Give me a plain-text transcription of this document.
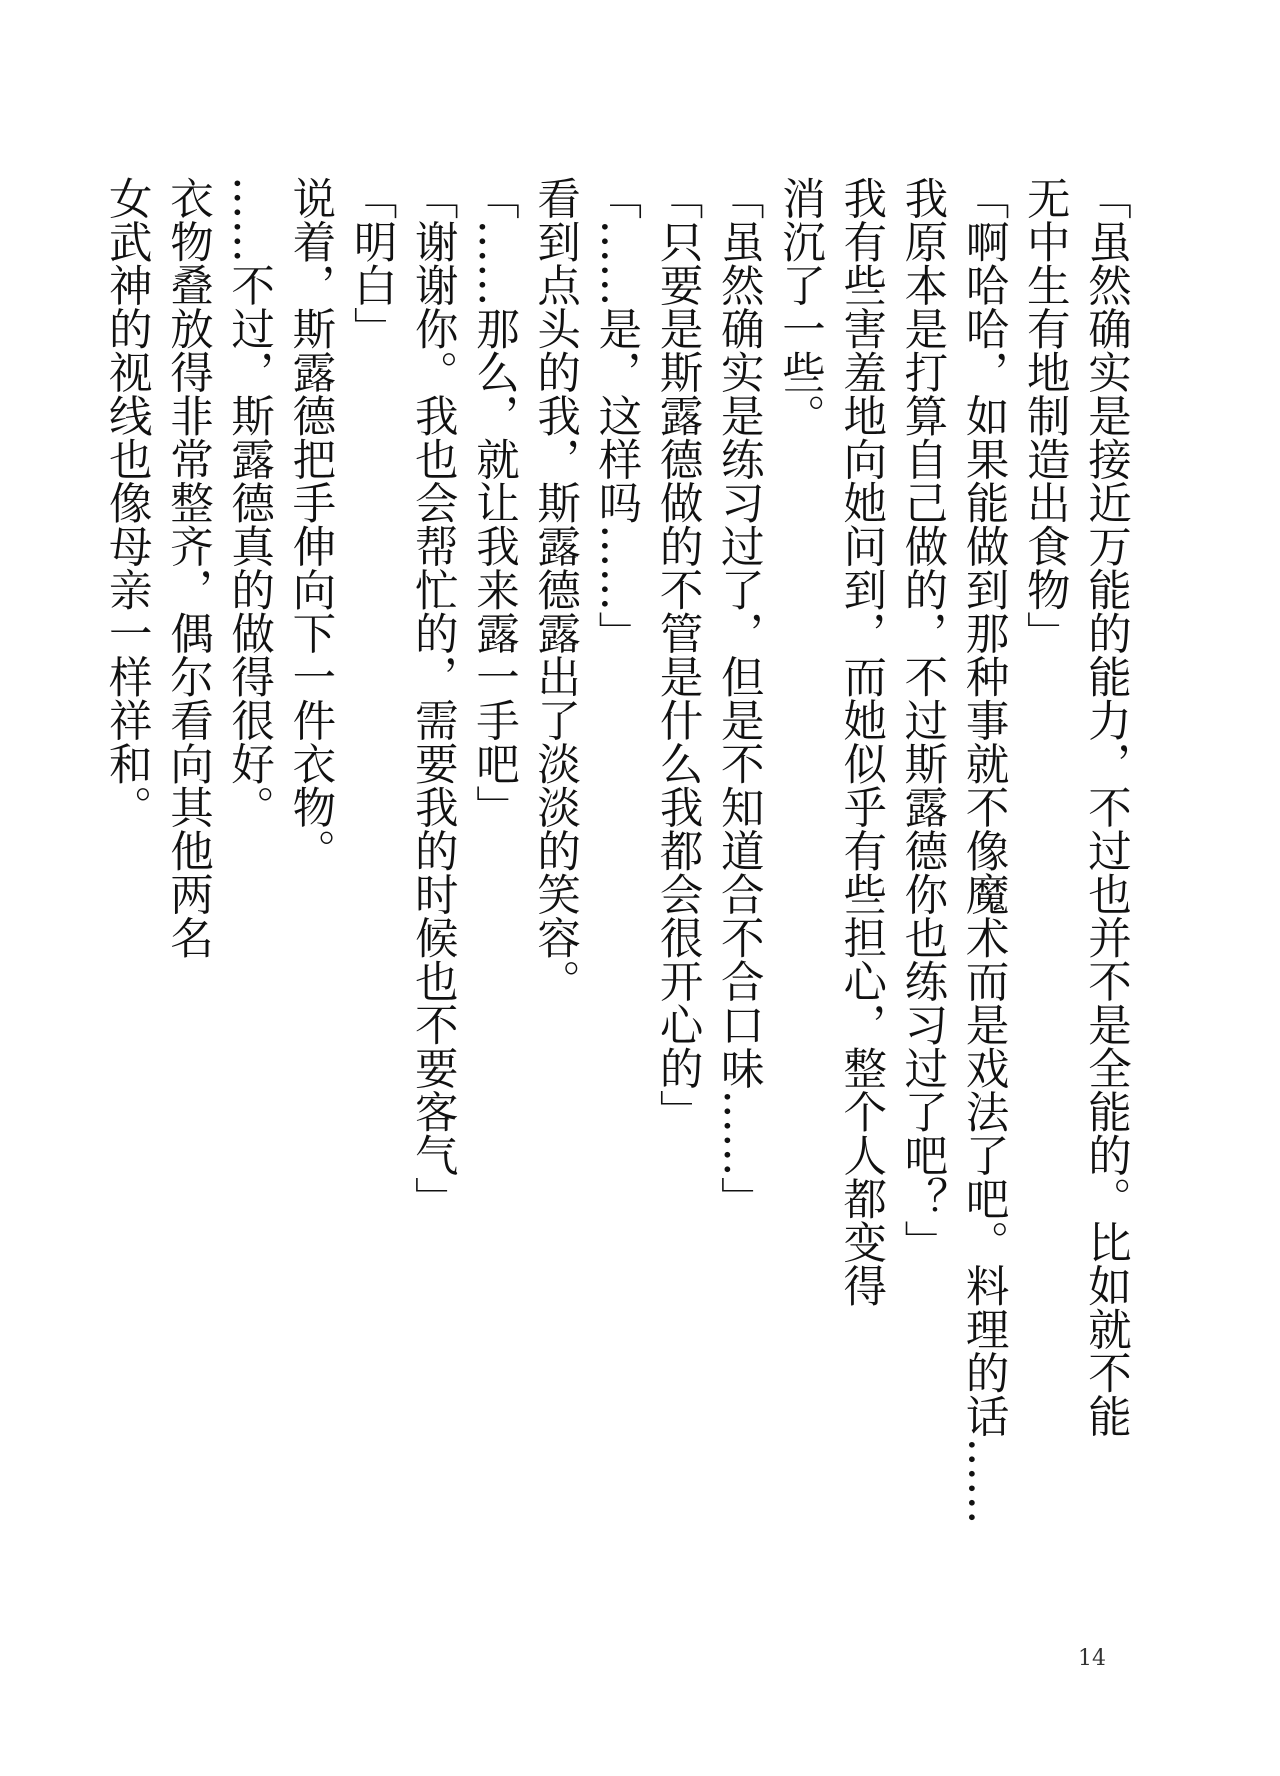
「虽然确实是接近万能的能力，不过也并不是全能的。比如就不能
无中生有地制造出食物」
「啊哈哈，如果能做到那种事就不像魔术而是戏法了吧。料理的话……
我原本是打算自己做的，不过斯露德你也练习过了吧？」
我有些害羞地向她问到，而她似乎有些担心，整个人都变得
消沉了一些。
「虽然确实是练习过了，但是不知道合不合口味……」
「只要是斯露德做的不管是什么我都会很开心的」
「……是，这样吗……」
看到点头的我，斯露德露出了淡淡的笑容。
「……那么，就让我来露一手吧」
「谢谢你。我也会帮忙的，需要我的时候也不要客气」
「明白」
说着，斯露德把手伸向下一件衣物。
……不过，斯露德真的做得很好。
衣物叠放得非常整齐，偶尔看向其他两名
女武神的视线也像母亲一样祥和。
14
